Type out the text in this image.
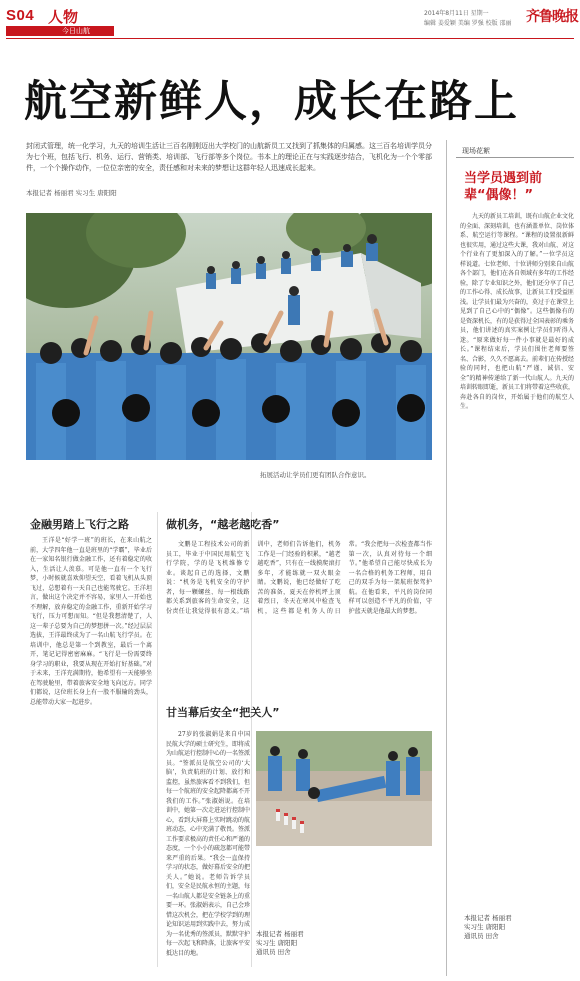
S04 人物
今日山航
2014年8月11日 星期一
编辑 姜爱颖 美编 罗强 校版 邵丽 齐鲁晚报
航空新鲜人，成长在路上

封闭式管理，统一化学习，九天的培训生活让三百名刚刚迈出大学校门的山航新员工又找到了抓集体的归属感。这三百名培训学员分为七个班，包括飞行、机务、运行、营销类、培训部、飞行部等多个岗位。书本上的理论正在与实践逐步结合，飞机化为一个个零部件，一个个操作动作，一位位亲密的安全，责任感和对未来的梦想让这群年轻人迅速成长起来。

本报记者 杨丽君 实习生 唐阳阳

拓展活动让学员们更有团队合作意识。

现场花絮
当学员遇到前辈“偶像！”

九天的新员工培训，既有山航企业文化的全面、深刻培训，也有涵盖单位、岗位体系、航空运行等课程。“课程的设置很新鲜也很实用，通过这些大课，我对山航、对这个行业有了更加深入的了解。”一位学员这样说道。七位老师、十位讲师分别来自山航各个部门，他们在各自领域有多年的工作经验，除了专业知识之外，他们还分享了自己的工作心得、成长故事，让新员工们受益匪浅。让学员们最为兴奋的，莫过于在课堂上见到了自己心中的“偶像”。这些偶像有的是资深机长，有的是获得过全国表彰的乘务员，他们讲述的真实案例让学员们听得入迷。“原来做好每一件小事就是最好的成长。”课程结束后，学员们围住老师要签名、合影，久久不愿离去。前辈们在传授经验的同时，也把山航“严谨、诚信、安全”的精神传递给了新一代山航人。九天的培训转眼即逝，新员工们将带着这些收获，奔赴各自的岗位，开始属于他们的航空人生。

本报记者 杨丽君
实习生 唐阳阳
通讯员 田舍

金融男踏上飞行之路

王洋是“好学一班”的班长，在来山航之前，大学四年他一直是班里的“学霸”，毕业后在一家知名银行做金融工作，还有着稳定的收入，生活让人羡慕。可是他一直有一个飞行梦，小时候就喜欢仰望天空，看着飞机从头顶飞过，总想着有一天自己也能驾驶它。王洋坦言，做出这个决定并不容易，家里人一开始也不理解，放弃稳定的金融工作，重新开始学习飞行，压力可想而知。“但是我想清楚了，人这一辈子总要为自己的梦想拼一次。”经过层层选拔，王洋最终成为了一名山航飞行学员。在培训中，他总是第一个到教室，最后一个离开，笔记记得密密麻麻。“飞行是一份需要终身学习的职业，我要从现在开始打好基础。”对于未来，王洋充满期待，他希望有一天能够坐在驾驶舱里，带着旅客安全地飞向远方。同学们都说，这位班长身上有一股不服输的劲头，总能带动大家一起进步。

做机务，“越老越吃香”

文鹏是工程技术公司的新员工，毕业于中国民用航空飞行学院，学的是飞机维修专业。谈起自己的选择，文鹏说：“机务是飞机安全的守护者，每一颗螺丝、每一根线路都关系到旅客的生命安全，这份责任让我觉得很有意义。”培训中，老师们告诉他们，机务工作是一门经验的积累，“越老越吃香”，只有在一线摸爬滚打多年，才能练就一双火眼金睛。文鹏说，他已经做好了吃苦的准备，夏天在停机坪上顶着烈日，冬天在寒风中检查飞机，这些都是机务人的日常。“我会把每一次检查都当作第一次，认真对待每一个细节。”他希望自己能尽快成长为一名合格的机务工程师，用自己的双手为每一架航班保驾护航。在他看来，平凡的岗位同样可以创造不平凡的价值，守护蓝天就是他最大的梦想。

甘当幕后安全“把关人”

27岁的张淑娟是来自中国民航大学的硕士研究生，即将成为山航运行控制中心的一名签派员。“签派员是航空公司的‘大脑’，负责航班的计划、放行和监控，虽然旅客看不到我们，但每一个航班的安全起降都离不开我们的工作。”张淑娟说。在培训中，她第一次走进运行控制中心，看到大屏幕上实时跳动的航班动态，心中充满了敬畏。签派工作要求极高的责任心和严谨的态度，一个小小的疏忽都可能带来严重的后果。“我会一直保持学习的状态，做好幕后安全的把关人。”她说。老师告诉学员们，安全是民航永恒的主题，每一名山航人都是安全链条上的重要一环。张淑娟表示，自己会珍惜这次机会，把在学校学到的理论知识运用到实践中去，努力成为一名优秀的签派员，默默守护每一次起飞和降落，让旅客平安抵达目的地。

本报记者 杨丽君
实习生 唐阳阳
通讯员 田舍
